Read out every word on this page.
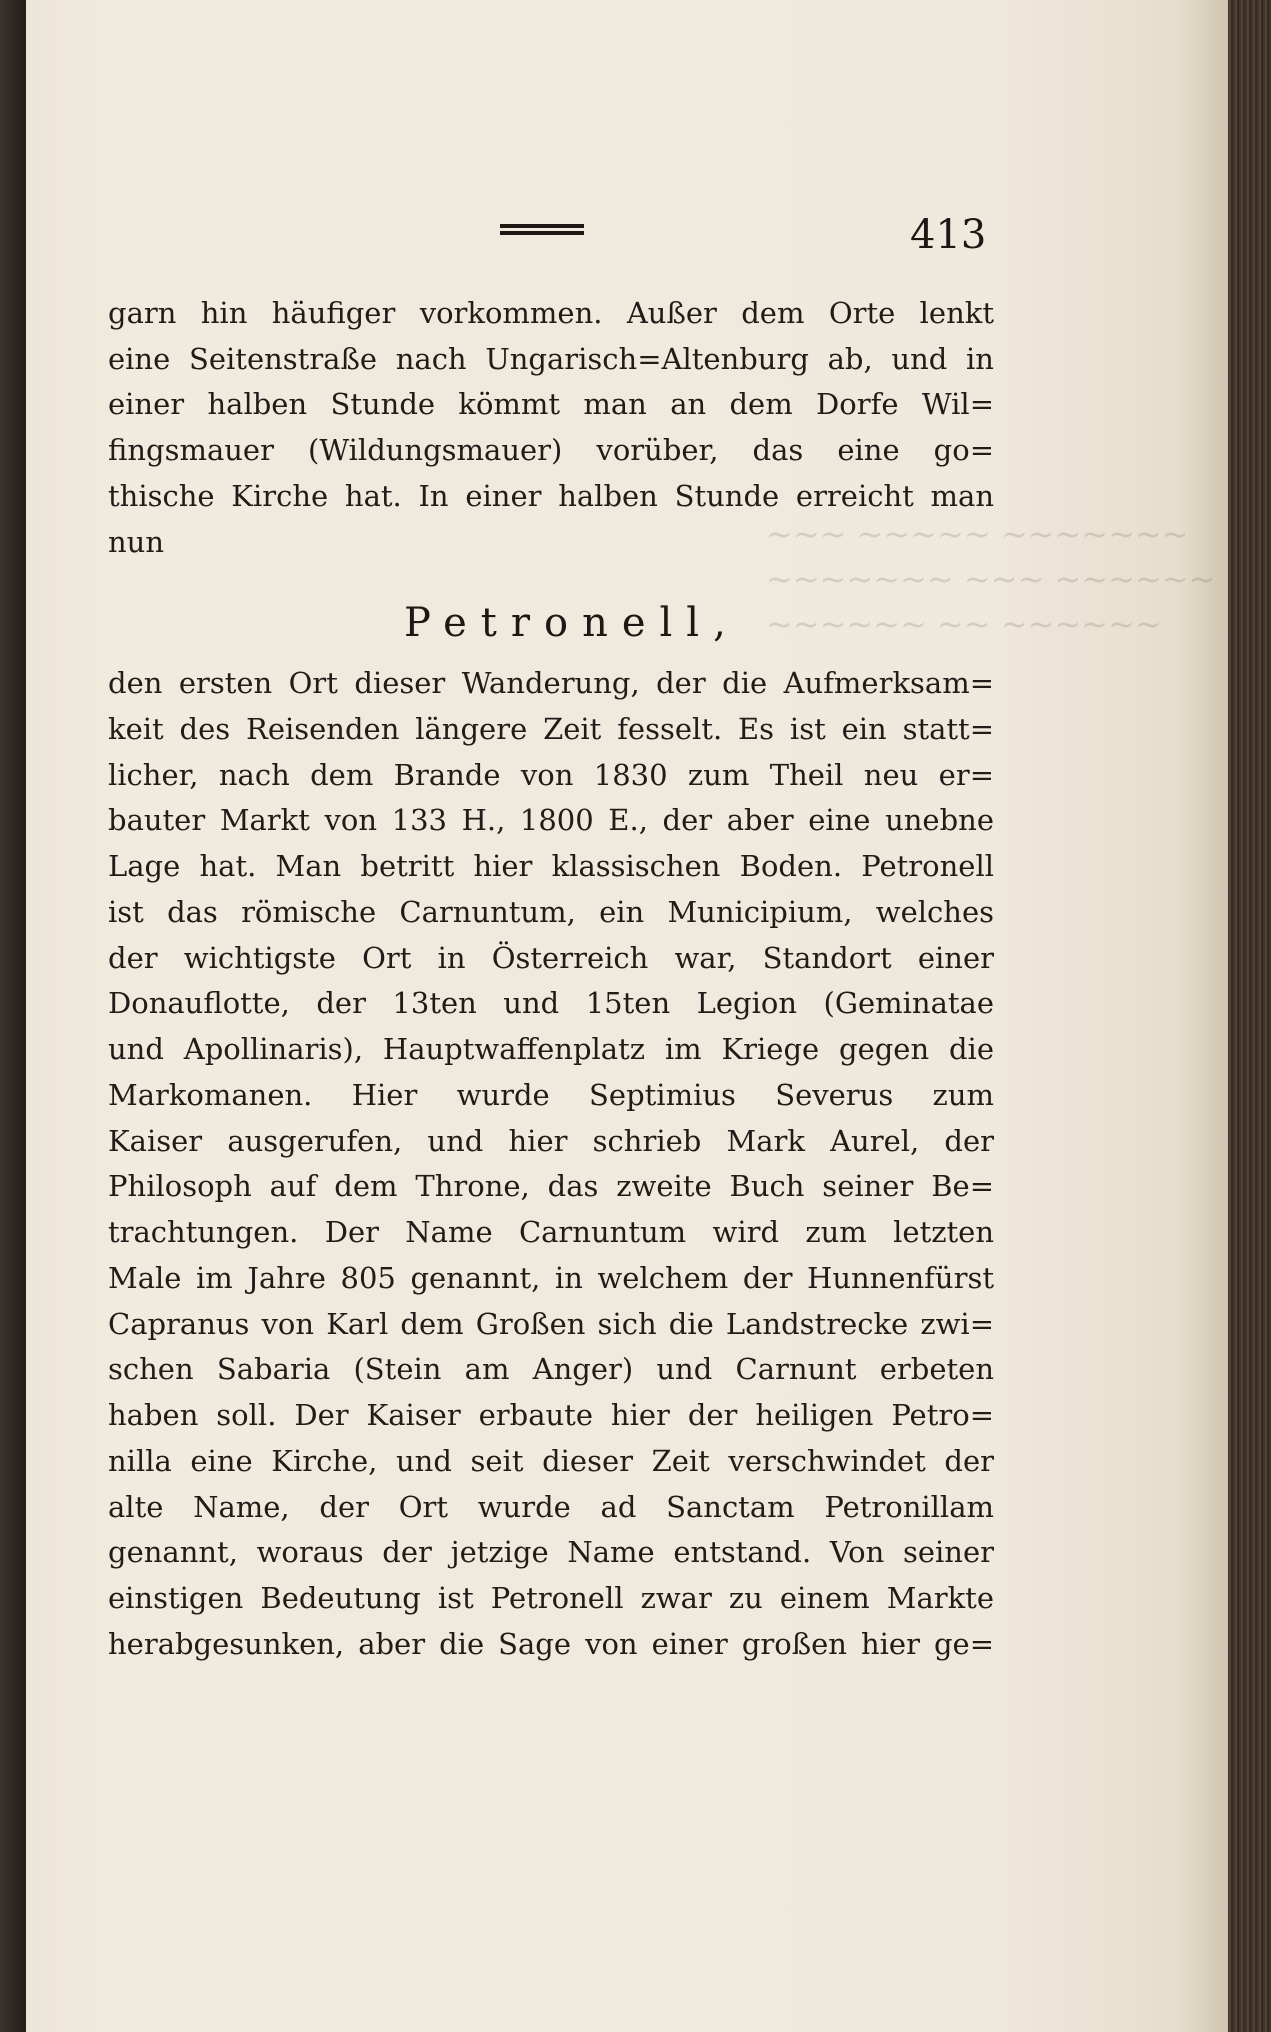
~~~ ~~~~~ ~~~~~~~
~~~~~~~ ~~~ ~~~~~~
~~~~~~ ~~ ~~~~~~
413
garn hin häufiger vorkommen. Außer dem Orte lenkt
eine Seitenstraße nach Ungarisch=Altenburg ab, und in
einer halben Stunde kömmt man an dem Dorfe Wil=
fingsmauer (Wildungsmauer) vorüber, das eine go=
thische Kirche hat. In einer halben Stunde erreicht man
nun
Petronell,
den ersten Ort dieser Wanderung, der die Aufmerksam=
keit des Reisenden längere Zeit fesselt. Es ist ein statt=
licher, nach dem Brande von 1830 zum Theil neu er=
bauter Markt von 133 H., 1800 E., der aber eine unebne
Lage hat. Man betritt hier klassischen Boden. Petronell
ist das römische Carnuntum, ein Municipium, welches
der wichtigste Ort in Österreich war, Standort einer
Donauflotte, der 13ten und 15ten Legion (Geminatae
und Apollinaris), Hauptwaffenplatz im Kriege gegen die
Markomanen. Hier wurde Septimius Severus zum
Kaiser ausgerufen, und hier schrieb Mark Aurel, der
Philosoph auf dem Throne, das zweite Buch seiner Be=
trachtungen. Der Name Carnuntum wird zum letzten
Male im Jahre 805 genannt, in welchem der Hunnenfürst
Capranus von Karl dem Großen sich die Landstrecke zwi=
schen Sabaria (Stein am Anger) und Carnunt erbeten
haben soll. Der Kaiser erbaute hier der heiligen Petro=
nilla eine Kirche, und seit dieser Zeit verschwindet der
alte Name, der Ort wurde ad Sanctam Petronillam
genannt, woraus der jetzige Name entstand. Von seiner
einstigen Bedeutung ist Petronell zwar zu einem Markte
herabgesunken, aber die Sage von einer großen hier ge=
